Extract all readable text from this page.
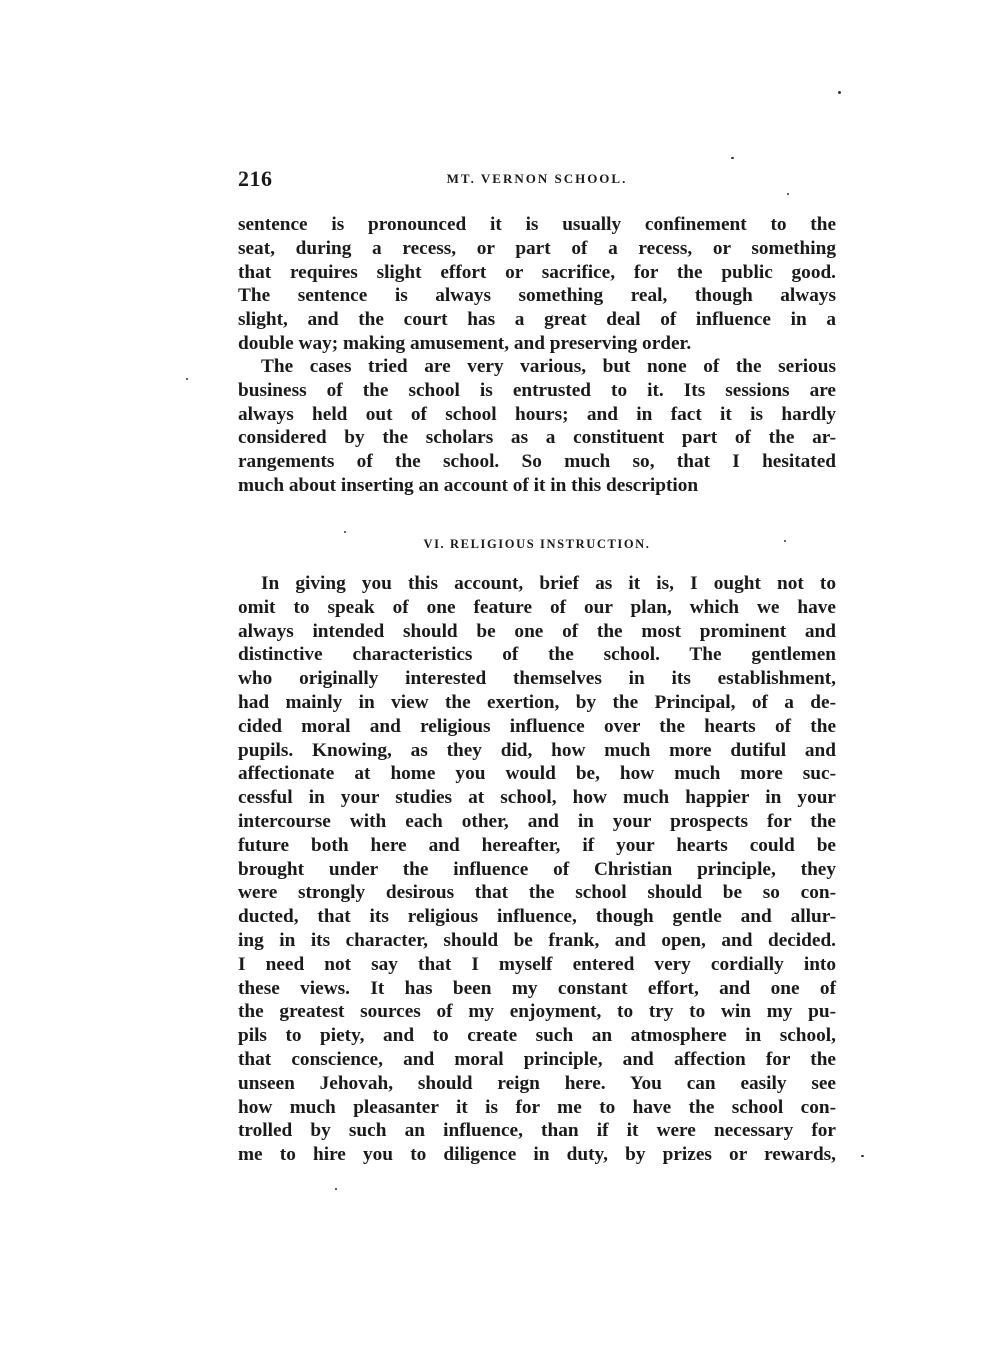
216	MT. VERNON SCHOOL.

sentence is pronounced it is usually confinement to the

seat, during a recess, or part of a recess, or something

that requires slight effort or sacrifice, for the public good.

The sentence is always something real, though always

slight, and the court has a great deal of influence in a

double way; making amusement, and preserving order.

The cases tried are very various, but none of the serious

business of the school is entrusted to it. Its sessions are

always held out of school hours; and in fact it is hardly

considered by the scholars as a constituent part of the ar-

rangements of the school. So much so, that I hesitated

much about inserting an account of it in this description

VI. RELIGIOUS INSTRUCTION.

In giving you this account, brief as it is, I ought not to

omit to speak of one feature of our plan, which we have

always intended should be one of the most prominent and

distinctive characteristics of the school. The gentlemen

who originally interested themselves in its establishment,

had mainly in view the exertion, by the Principal, of a de-

cided moral and religious influence over the hearts of the

pupils. Knowing, as they did, how much more dutiful and

affectionate at home you would be, how much more suc-

cessful in your studies at school, how much happier in your

intercourse with each other, and in your prospects for the

future both here and hereafter, if your hearts could be

brought under the influence of Christian principle, they

were strongly desirous that the school should be so con-

ducted, that its religious influence, though gentle and allur-

ing in its character, should be frank, and open, and decided.

I need not say that I myself entered very cordially into

these views. It has been my constant effort, and one of

the greatest sources of my enjoyment, to try to win my pu-

pils to piety, and to create such an atmosphere in school,

that conscience, and moral principle, and affection for the

unseen Jehovah, should reign here. You can easily see

how much pleasanter it is for me to have the school con-

trolled by such an influence, than if it were necessary for

me to hire you to diligence in duty, by prizes or rewards,
